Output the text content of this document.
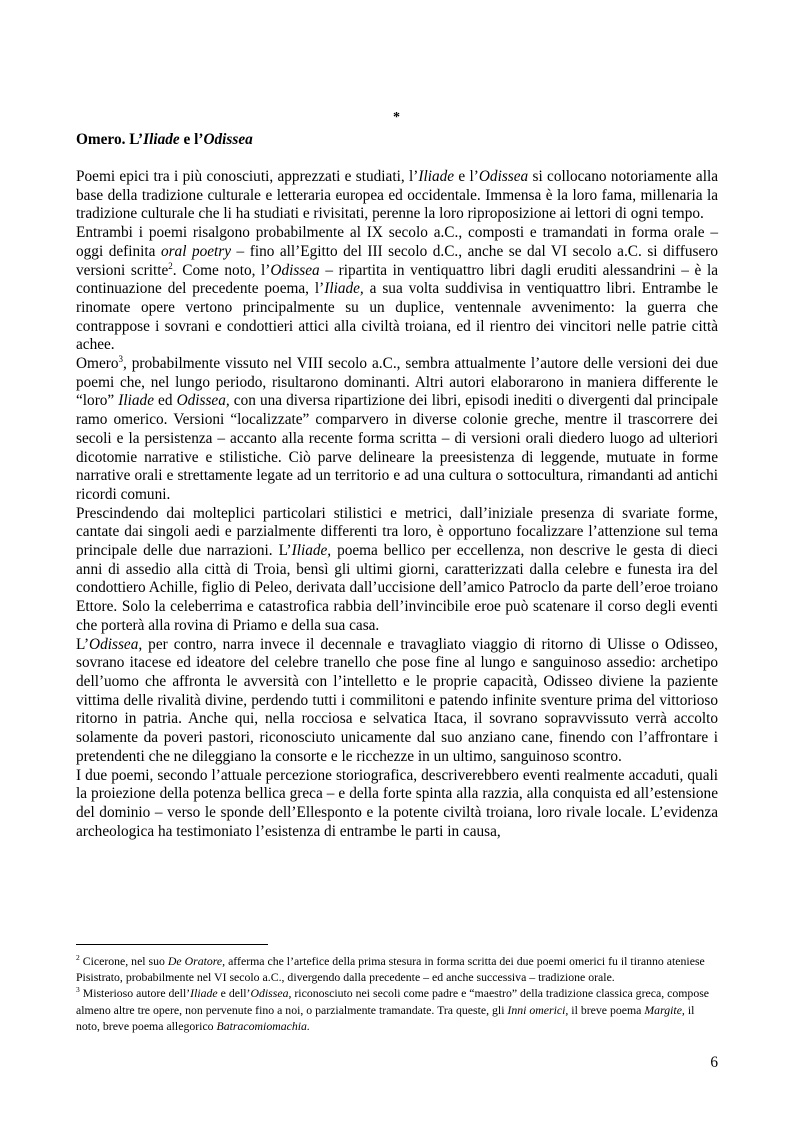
*
Omero. L’Iliade e l’Odissea

Poemi epici tra i più conosciuti, apprezzati e studiati, l’Iliade e l’Odissea si collocano notoriamente alla base della tradizione culturale e letteraria europea ed occidentale. Immensa è la loro fama, millenaria la tradizione culturale che li ha studiati e rivisitati, perenne la loro riproposizione ai lettori di ogni tempo.

Entrambi i poemi risalgono probabilmente al IX secolo a.C., composti e tramandati in forma orale – oggi definita oral poetry – fino all’Egitto del III secolo d.C., anche se dal VI secolo a.C. si diffusero versioni scritte$^2$. Come noto, l’Odissea – ripartita in ventiquattro libri dagli eruditi alessandrini – è la continuazione del precedente poema, l’Iliade, a sua volta suddivisa in ventiquattro libri. Entrambe le rinomate opere vertono principalmente su un duplice, ventennale avvenimento: la guerra che contrappose i sovrani e condottieri attici alla civiltà troiana, ed il rientro dei vincitori nelle patrie città achee.

Omero$^3$, probabilmente vissuto nel VIII secolo a.C., sembra attualmente l’autore delle versioni dei due poemi che, nel lungo periodo, risultarono dominanti. Altri autori elaborarono in maniera differente le “loro” Iliade ed Odissea, con una diversa ripartizione dei libri, episodi inediti o divergenti dal principale ramo omerico. Versioni “localizzate” comparvero in diverse colonie greche, mentre il trascorrere dei secoli e la persistenza – accanto alla recente forma scritta – di versioni orali diedero luogo ad ulteriori dicotomie narrative e stilistiche. Ciò parve delineare la preesistenza di leggende, mutuate in forme narrative orali e strettamente legate ad un territorio e ad una cultura o sottocultura, rimandanti ad antichi ricordi comuni.

Prescindendo dai molteplici particolari stilistici e metrici, dall’iniziale presenza di svariate forme, cantate dai singoli aedi e parzialmente differenti tra loro, è opportuno focalizzare l’attenzione sul tema principale delle due narrazioni. L’Iliade, poema bellico per eccellenza, non descrive le gesta di dieci anni di assedio alla città di Troia, bensì gli ultimi giorni, caratterizzati dalla celebre e funesta ira del condottiero Achille, figlio di Peleo, derivata dall’uccisione dell’amico Patroclo da parte dell’eroe troiano Ettore. Solo la celeberrima e catastrofica rabbia dell’invincibile eroe può scatenare il corso degli eventi che porterà alla rovina di Priamo e della sua casa.

L’Odissea, per contro, narra invece il decennale e travagliato viaggio di ritorno di Ulisse o Odisseo, sovrano itacese ed ideatore del celebre tranello che pose fine al lungo e sanguinoso assedio: archetipo dell’uomo che affronta le avversità con l’intelletto e le proprie capacità, Odisseo diviene la paziente vittima delle rivalità divine, perdendo tutti i commilitoni e patendo infinite sventure prima del vittorioso ritorno in patria. Anche qui, nella rocciosa e selvatica Itaca, il sovrano sopravvissuto verrà accolto solamente da poveri pastori, riconosciuto unicamente dal suo anziano cane, finendo con l’affrontare i pretendenti che ne dileggiano la consorte e le ricchezze in un ultimo, sanguinoso scontro.

I due poemi, secondo l’attuale percezione storiografica, descriverebbero eventi realmente accaduti, quali la proiezione della potenza bellica greca – e della forte spinta alla razzia, alla conquista ed all’estensione del dominio – verso le sponde dell’Ellesponto e la potente civiltà troiana, loro rivale locale. L’evidenza archeologica ha testimoniato l’esistenza di entrambe le parti in causa,

$^2$ Cicerone, nel suo De Oratore, afferma che l’artefice della prima stesura in forma scritta dei due poemi omerici fu il tiranno ateniese Pisistrato, probabilmente nel VI secolo a.C., divergendo dalla precedente – ed anche successiva – tradizione orale.

$^3$ Misterioso autore dell’Iliade e dell’Odissea, riconosciuto nei secoli come padre e “maestro” della tradizione classica greca, compose almeno altre tre opere, non pervenute fino a noi, o parzialmente tramandate. Tra queste, gli Inni omerici, il breve poema Margite, il noto, breve poema allegorico Batracomiomachia.

6
